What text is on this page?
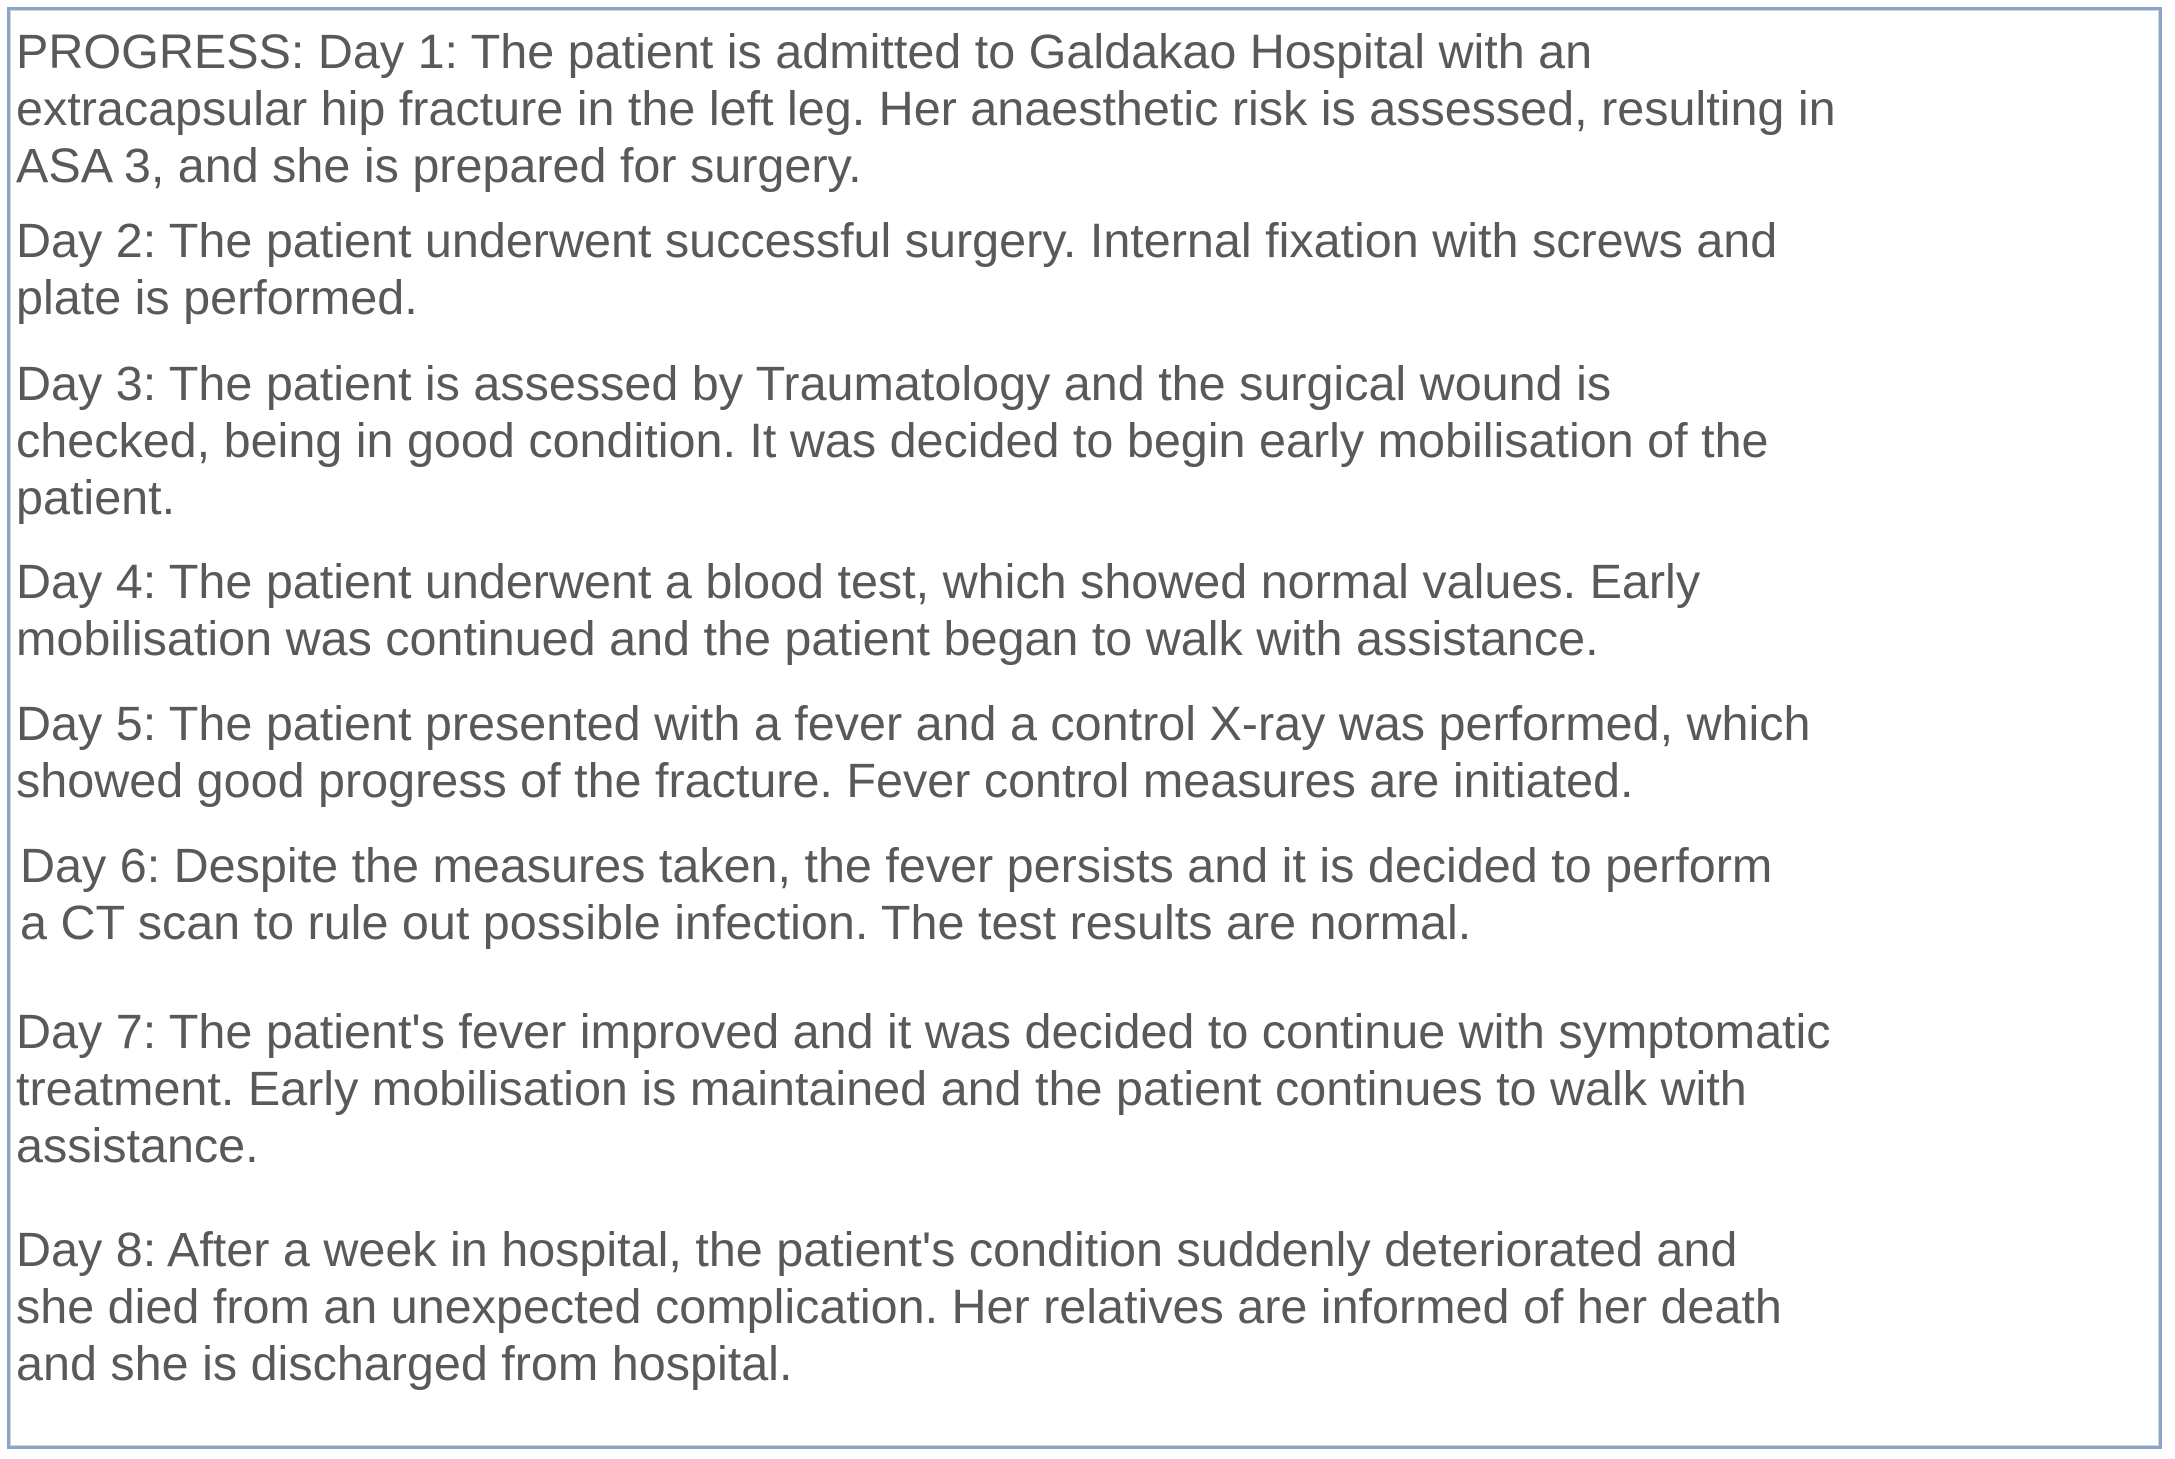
PROGRESS: Day 1: The patient is admitted to Galdakao Hospital with an
extracapsular hip fracture in the left leg. Her anaesthetic risk is assessed, resulting in
ASA 3, and she is prepared for surgery.

Day 2: The patient underwent successful surgery. Internal fixation with screws and
plate is performed.

Day 3: The patient is assessed by Traumatology and the surgical wound is
checked, being in good condition. It was decided to begin early mobilisation of the
patient.

Day 4: The patient underwent a blood test, which showed normal values. Early
mobilisation was continued and the patient began to walk with assistance.

Day 5: The patient presented with a fever and a control X-ray was performed, which
showed good progress of the fracture. Fever control measures are initiated.

Day 6: Despite the measures taken, the fever persists and it is decided to perform
a CT scan to rule out possible infection. The test results are normal.

Day 7: The patient's fever improved and it was decided to continue with symptomatic
treatment. Early mobilisation is maintained and the patient continues to walk with
assistance.

Day 8: After a week in hospital, the patient's condition suddenly deteriorated and
she died from an unexpected complication. Her relatives are informed of her death
and she is discharged from hospital.
